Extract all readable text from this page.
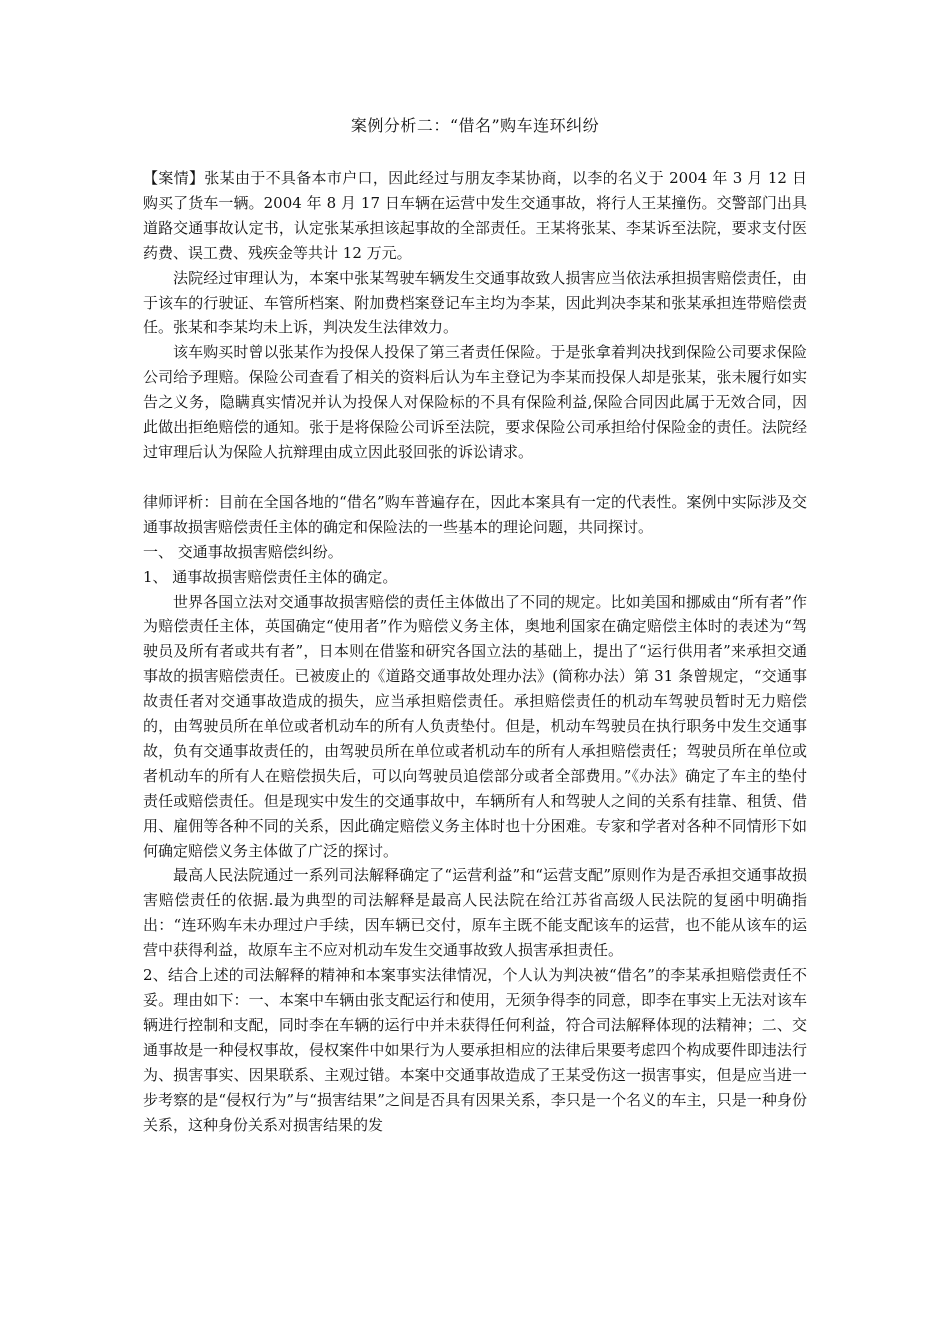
案例分析二：“借名”购车连环纠纷

【案情】张某由于不具备本市户口，因此经过与朋友李某协商，以李的名义于 2004 年 3 月 12 日购买了货车一辆。2004 年 8 月 17 日车辆在运营中发生交通事故，将行人王某撞伤。交警部门出具道路交通事故认定书，认定张某承担该起事故的全部责任。王某将张某、李某诉至法院，要求支付医药费、误工费、残疾金等共计 12 万元。

法院经过审理认为，本案中张某驾驶车辆发生交通事故致人损害应当依法承担损害赔偿责任，由于该车的行驶证、车管所档案、附加费档案登记车主均为李某，因此判决李某和张某承担连带赔偿责任。张某和李某均未上诉，判决发生法律效力。

该车购买时曾以张某作为投保人投保了第三者责任保险。于是张拿着判决找到保险公司要求保险公司给予理赔。保险公司查看了相关的资料后认为车主登记为李某而投保人却是张某，张未履行如实告之义务，隐瞒真实情况并认为投保人对保险标的不具有保险利益,保险合同因此属于无效合同，因此做出拒绝赔偿的通知。张于是将保险公司诉至法院，要求保险公司承担给付保险金的责任。法院经过审理后认为保险人抗辩理由成立因此驳回张的诉讼请求。

律师评析：目前在全国各地的“借名”购车普遍存在，因此本案具有一定的代表性。案例中实际涉及交通事故损害赔偿责任主体的确定和保险法的一些基本的理论问题，共同探讨。

一、 交通事故损害赔偿纠纷。

1、 通事故损害赔偿责任主体的确定。

世界各国立法对交通事故损害赔偿的责任主体做出了不同的规定。比如美国和挪威由“所有者”作为赔偿责任主体，英国确定“使用者”作为赔偿义务主体，奥地利国家在确定赔偿主体时的表述为“驾驶员及所有者或共有者”，日本则在借鉴和研究各国立法的基础上，提出了“运行供用者”来承担交通事故的损害赔偿责任。已被废止的《道路交通事故处理办法》(简称办法）第 31 条曾规定，“交通事故责任者对交通事故造成的损失，应当承担赔偿责任。承担赔偿责任的机动车驾驶员暂时无力赔偿的，由驾驶员所在单位或者机动车的所有人负责垫付。但是，机动车驾驶员在执行职务中发生交通事故，负有交通事故责任的，由驾驶员所在单位或者机动车的所有人承担赔偿责任；驾驶员所在单位或者机动车的所有人在赔偿损失后，可以向驾驶员追偿部分或者全部费用。”《办法》确定了车主的垫付责任或赔偿责任。但是现实中发生的交通事故中，车辆所有人和驾驶人之间的关系有挂靠、租赁、借用、雇佣等各种不同的关系，因此确定赔偿义务主体时也十分困难。专家和学者对各种不同情形下如何确定赔偿义务主体做了广泛的探讨。

最高人民法院通过一系列司法解释确定了“运营利益”和“运营支配”原则作为是否承担交通事故损害赔偿责任的依据.最为典型的司法解释是最高人民法院在给江苏省高级人民法院的复函中明确指出：“连环购车未办理过户手续，因车辆已交付，原车主既不能支配该车的运营，也不能从该车的运营中获得利益，故原车主不应对机动车发生交通事故致人损害承担责任。

2、结合上述的司法解释的精神和本案事实法律情况，个人认为判决被“借名”的李某承担赔偿责任不妥。理由如下：一、本案中车辆由张支配运行和使用，无须争得李的同意，即李在事实上无法对该车辆进行控制和支配，同时李在车辆的运行中并未获得任何利益，符合司法解释体现的法精神；二、交通事故是一种侵权事故，侵权案件中如果行为人要承担相应的法律后果要考虑四个构成要件即违法行为、损害事实、因果联系、主观过错。本案中交通事故造成了王某受伤这一损害事实，但是应当进一步考察的是“侵权行为”与“损害结果”之间是否具有因果关系，李只是一个名义的车主，只是一种身份关系，这种身份关系对损害结果的发
